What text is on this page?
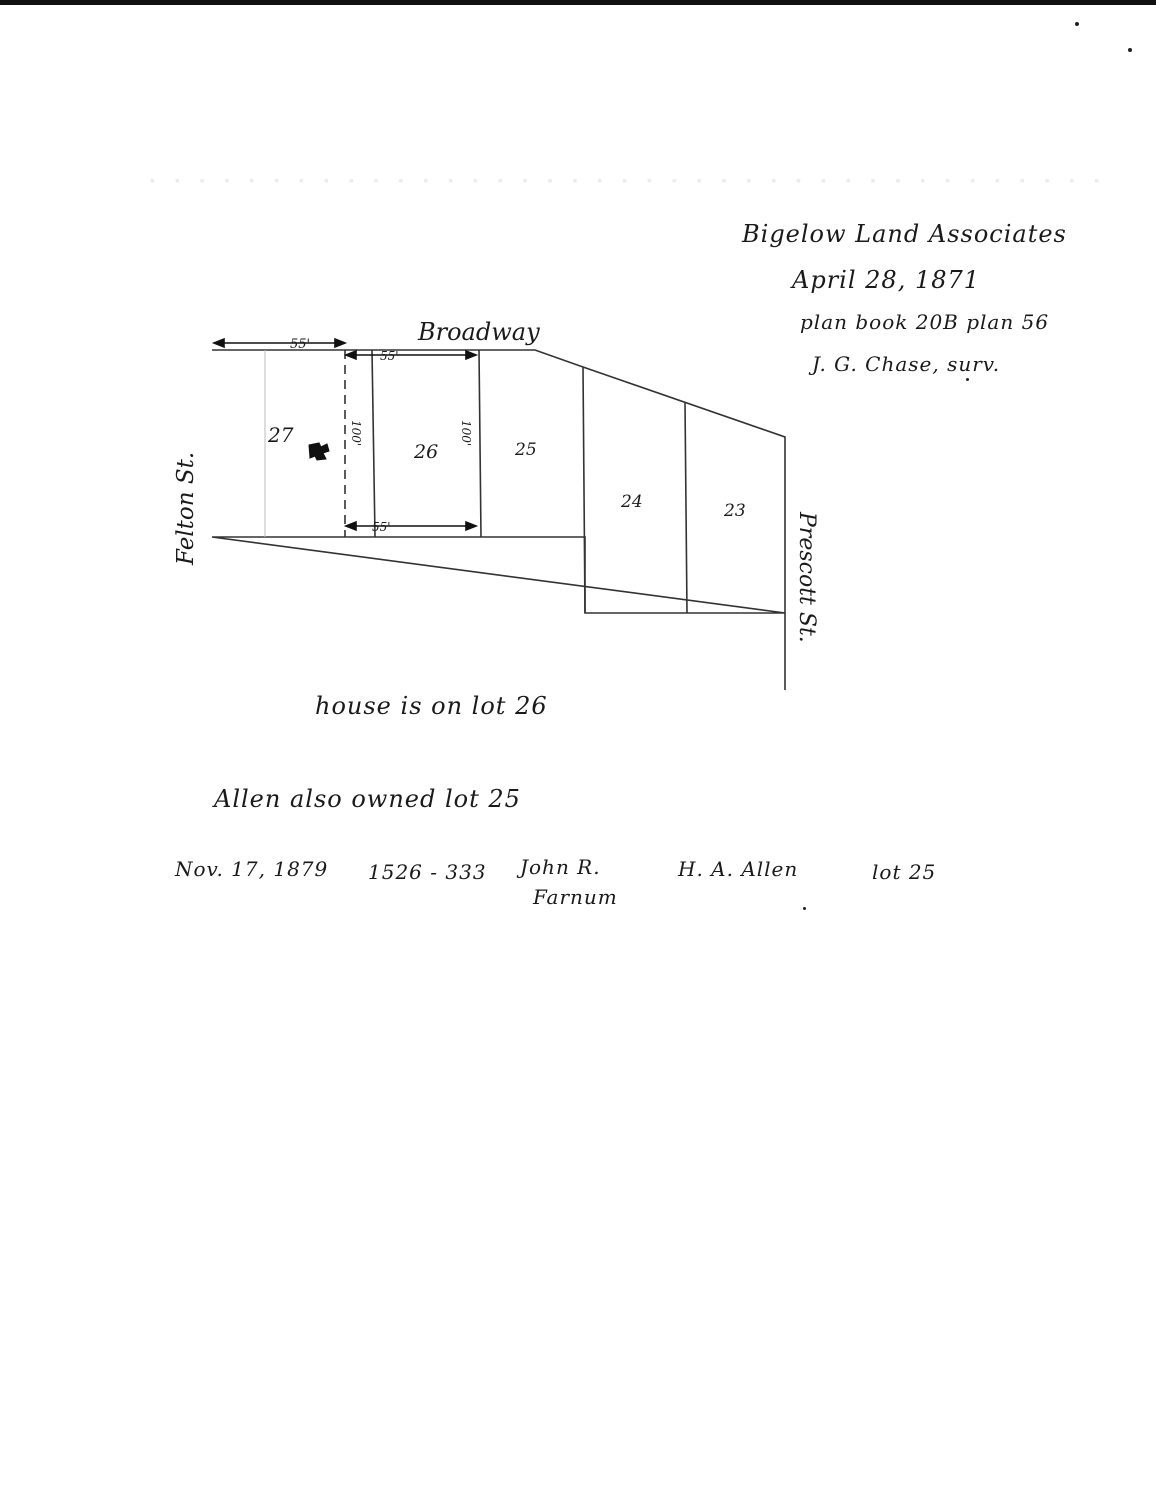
▪ ▪ ▪ ▪ ▪ ▪ ▪ ▪ ▪ ▪ ▪ ▪ ▪ ▪ ▪ ▪ ▪ ▪ ▪ ▪ ▪ ▪ ▪ ▪ ▪ ▪ ▪ ▪ ▪ ▪ ▪ ▪ ▪ ▪ ▪ ▪ ▪ ▪ ▪
Bigelow Land Associates
April 28, 1871
plan book 20B plan 56
J. G. Chase, surv.
55'
55'
55'
100'	100'
27
26	25
24	23
Broadway
Felton St.
Prescott St.
house is on lot 26
Allen also owned lot 25
Nov. 17, 1879 1526 - 333 John R.
Farnum
H. A. Allen	lot 25
